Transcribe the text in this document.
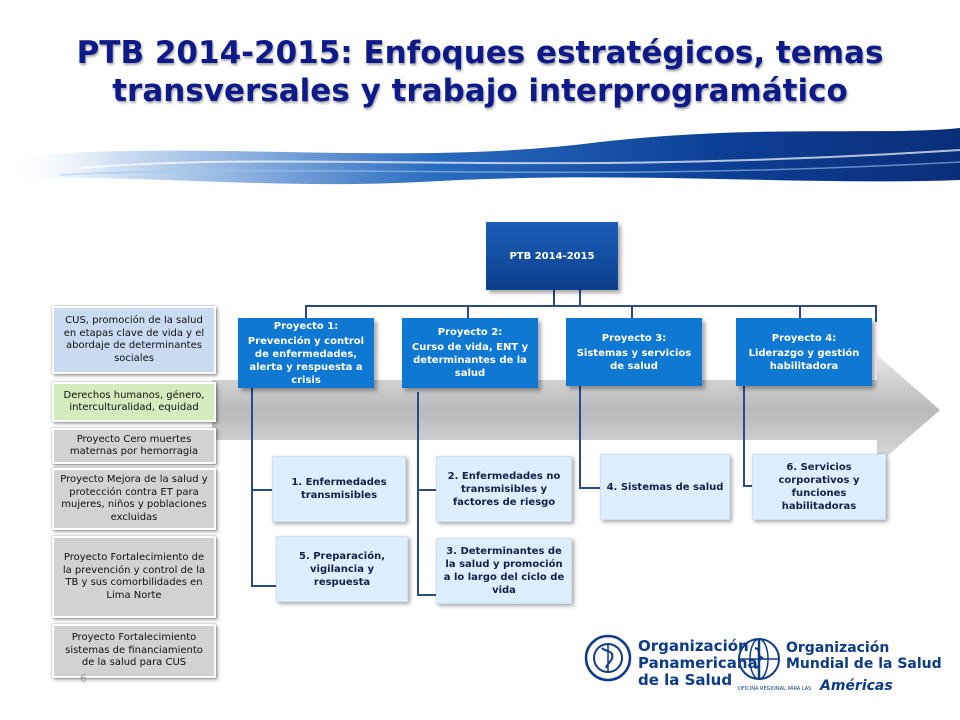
PTB 2014-2015: Enfoques estratégicos, temas
transversales y trabajo interprogramático
PTB 2014-2015
Proyecto 1:
Prevención y control de enfermedades, alerta y respuesta a crisis
Proyecto 2:
Curso de vida, ENT y determinantes de la salud
Proyecto 3:
Sistemas y servicios de salud
Proyecto 4:
Liderazgo y gestión habilitadora
1. Enfermedades transmisibles
5. Preparación, vigilancia y respuesta
2. Enfermedades no transmisibles y factores de riesgo
3. Determinantes de la salud y promoción a lo largo del ciclo de vida
4. Sistemas de salud
6. Servicios corporativos y funciones habilitadoras
CUS, promoción de la salud en etapas clave de vida y el abordaje de determinantes sociales
Derechos humanos, género, interculturalidad, equidad
Proyecto Cero muertes maternas por hemorragia
Proyecto Mejora de la salud y protección contra ET para mujeres, niños y poblaciones excluidas
Proyecto Fortalecimiento de la prevención y control de la TB y sus comorbilidades en Lima Norte
Proyecto Fortalecimiento sistemas de financiamiento de la salud para CUS
6
Organización
Panamericana
de la Salud
Organización
Mundial de la Salud
OFICINA REGIONAL PARA LAS Américas
